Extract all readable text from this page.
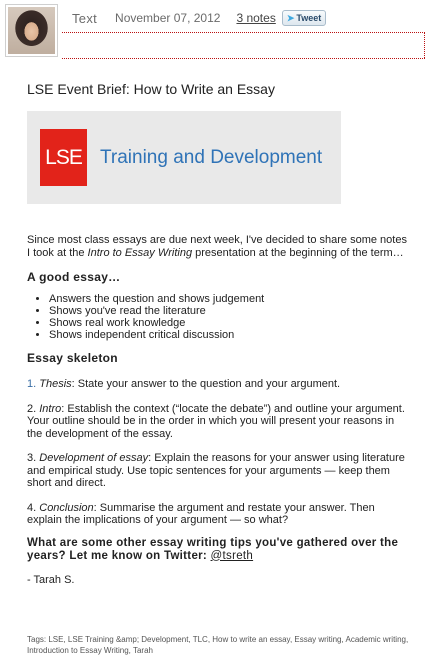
Text November 07, 2012 3 notes ➤ Tweet
LSE Event Brief: How to Write an Essay
LSE Training and Development

Since most class essays are due next week, I've decided to share some notes I took at the Intro to Essay Writing presentation at the beginning of the term…

A good essay…

• Answers the question and shows judgement
• Shows you've read the literature
• Shows real work knowledge
• Shows independent critical discussion

Essay skeleton

1. Thesis: State your answer to the question and your argument.

2. Intro: Establish the context (“locate the debate”) and outline your argument. Your outline should be in the order in which you will present your reasons in the development of the essay.

3. Development of essay: Explain the reasons for your answer using literature and empirical study. Use topic sentences for your arguments — keep them short and direct.

4. Conclusion: Summarise the argument and restate your answer. Then explain the implications of your argument — so what?

What are some other essay writing tips you've gathered over the years? Let me know on Twitter: @tsreth

- Tarah S.

Tags: LSE, LSE Training &amp; Development, TLC, How to write an essay, Essay writing, Academic writing, Introduction to Essay Writing, Tarah
